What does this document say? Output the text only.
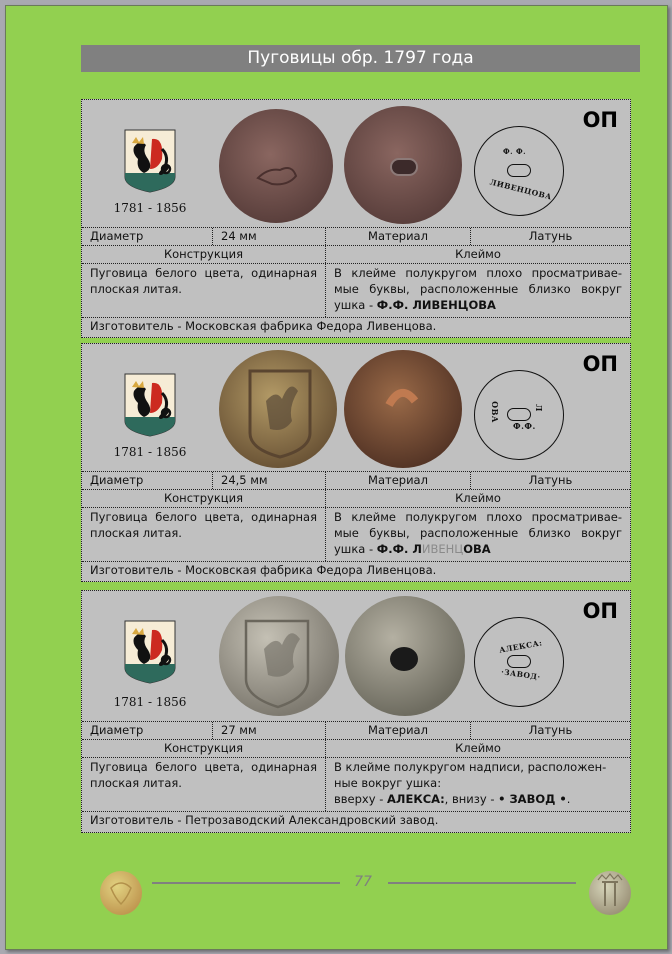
Пуговицы обр. 1797 года
1781 - 1856
Ф. Ф.
ЛИВЕНЦОВА
ОП
Диаметр	24 мм	Материал	Латунь
Конструкция	Клеймо
Пуговица белого цвета, одинарная плоская литая.
В клейме полукругом плохо просматривае-мые буквы, расположенные близко вокруг ушка - Ф.Ф. ЛИВЕНЦОВА
Изготовитель - Московская фабрика Федора Ливенцова.
1781 - 1856
ОВА	Л
Ф.Ф.
ОП
Диаметр	24,5 мм	Материал	Латунь
Конструкция	Клеймо
Пуговица белого цвета, одинарная плоская литая.
В клейме полукругом плохо просматривае-мые буквы, расположенные близко вокруг ушка - Ф.Ф. ЛИВЕНЦОВА
Изготовитель - Московская фабрика Федора Ливенцова.
1781 - 1856
АЛЕКСА:
·ЗАВОД·
ОП
Диаметр	27 мм	Материал	Латунь
Конструкция	Клеймо
Пуговица белого цвета, одинарная плоская литая.
В клейме полукругом надписи, расположен-ные вокруг ушка:
вверху - АЛЕКСА:, внизу - • ЗАВОД •.
Изготовитель - Петрозаводский Александровский завод.
77
